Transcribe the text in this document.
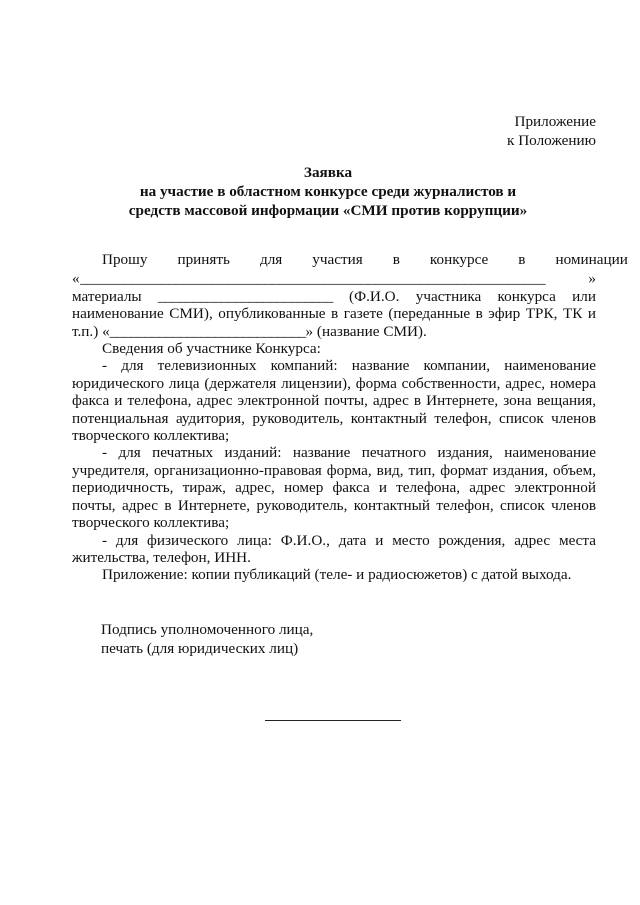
Приложение
к Положению
Заявка
на участие в областном конкурсе среди журналистов и
средств массовой информации «СМИ против коррупции»
Прошу	принять	для	участия	в	конкурсе	в	номинации
« _______________________________________________________________	»
материалы _________________________ (Ф.И.О. участника конкурса или
наименование СМИ), опубликованные в газете (переданные в эфир ТРК, ТК и
т.п.) « ____________________________ » (название СМИ).
Сведения об участнике Конкурса:
- для телевизионных компаний: название компании, наименование юридического лица (держателя лицензии), форма собственности, адрес, номера факса и телефона, адрес электронной почты, адрес в Интернете, зона вещания, потенциальная аудитория, руководитель, контактный телефон, список членов творческого коллектива;
- для печатных изданий: название печатного издания, наименование учредителя, организационно-правовая форма, вид, тип, формат издания, объем, периодичность, тираж, адрес, номер факса и телефона, адрес электронной почты, адрес в Интернете, руководитель, контактный телефон, список членов творческого коллектива;
- для физического лица: Ф.И.О., дата и место рождения, адрес места жительства, телефон, ИНН.
Приложение: копии публикаций (теле- и радиосюжетов) с датой выхода.
Подпись уполномоченного лица,
печать (для юридических лиц)
